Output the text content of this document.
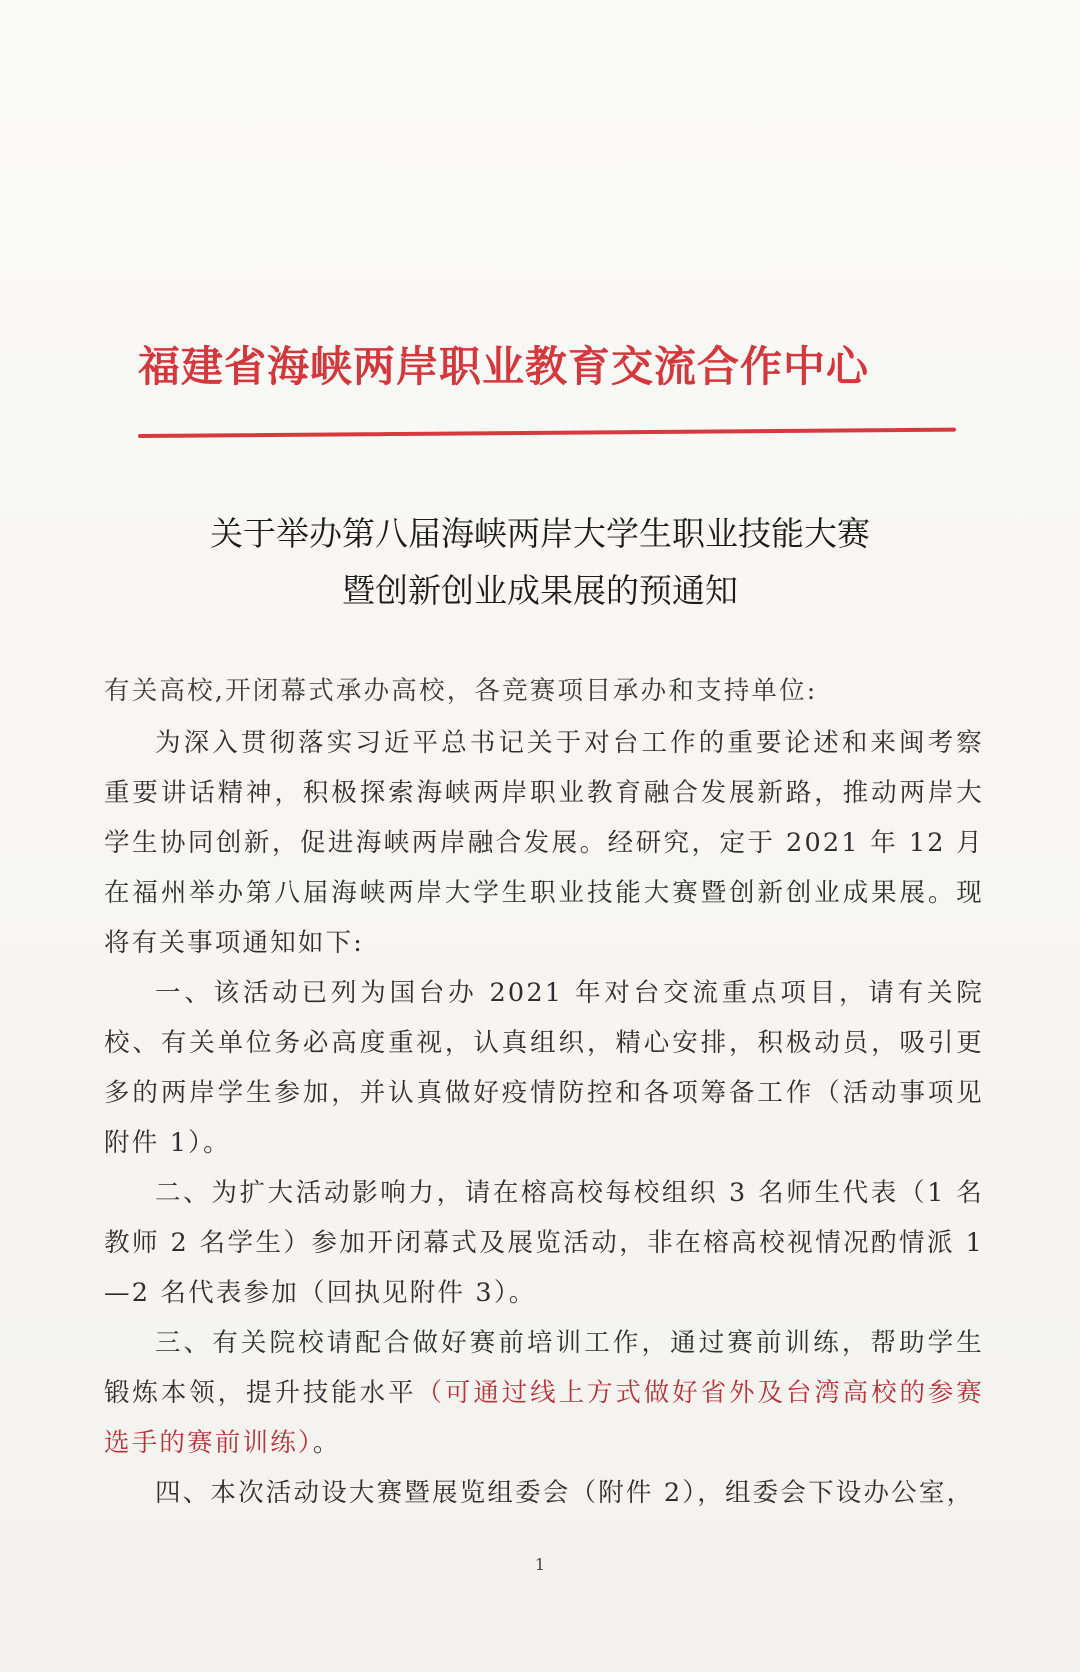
福建省海峡两岸职业教育交流合作中心
关于举办第八届海峡两岸大学生职业技能大赛
暨创新创业成果展的预通知
有关高校,开闭幕式承办高校，各竞赛项目承办和支持单位:

为深入贯彻落实习近平总书记关于对台工作的重要论述和来闽考察重要讲话精神，积极探索海峡两岸职业教育融合发展新路，推动两岸大学生协同创新，促进海峡两岸融合发展。经研究，定于 2021 年 12 月在福州举办第八届海峡两岸大学生职业技能大赛暨创新创业成果展。现将有关事项通知如下:

一、该活动已列为国台办 2021 年对台交流重点项目，请有关院校、有关单位务必高度重视，认真组织，精心安排，积极动员，吸引更多的两岸学生参加，并认真做好疫情防控和各项筹备工作（活动事项见附件 1）。

二、为扩大活动影响力，请在榕高校每校组织 3 名师生代表（1 名教师 2 名学生）参加开闭幕式及展览活动，非在榕高校视情况酌情派 1—2 名代表参加（回执见附件 3）。

三、有关院校请配合做好赛前培训工作，通过赛前训练，帮助学生锻炼本领，提升技能水平（可通过线上方式做好省外及台湾高校的参赛选手的赛前训练）。

四、本次活动设大赛暨展览组委会（附件 2），组委会下设办公室，

1
